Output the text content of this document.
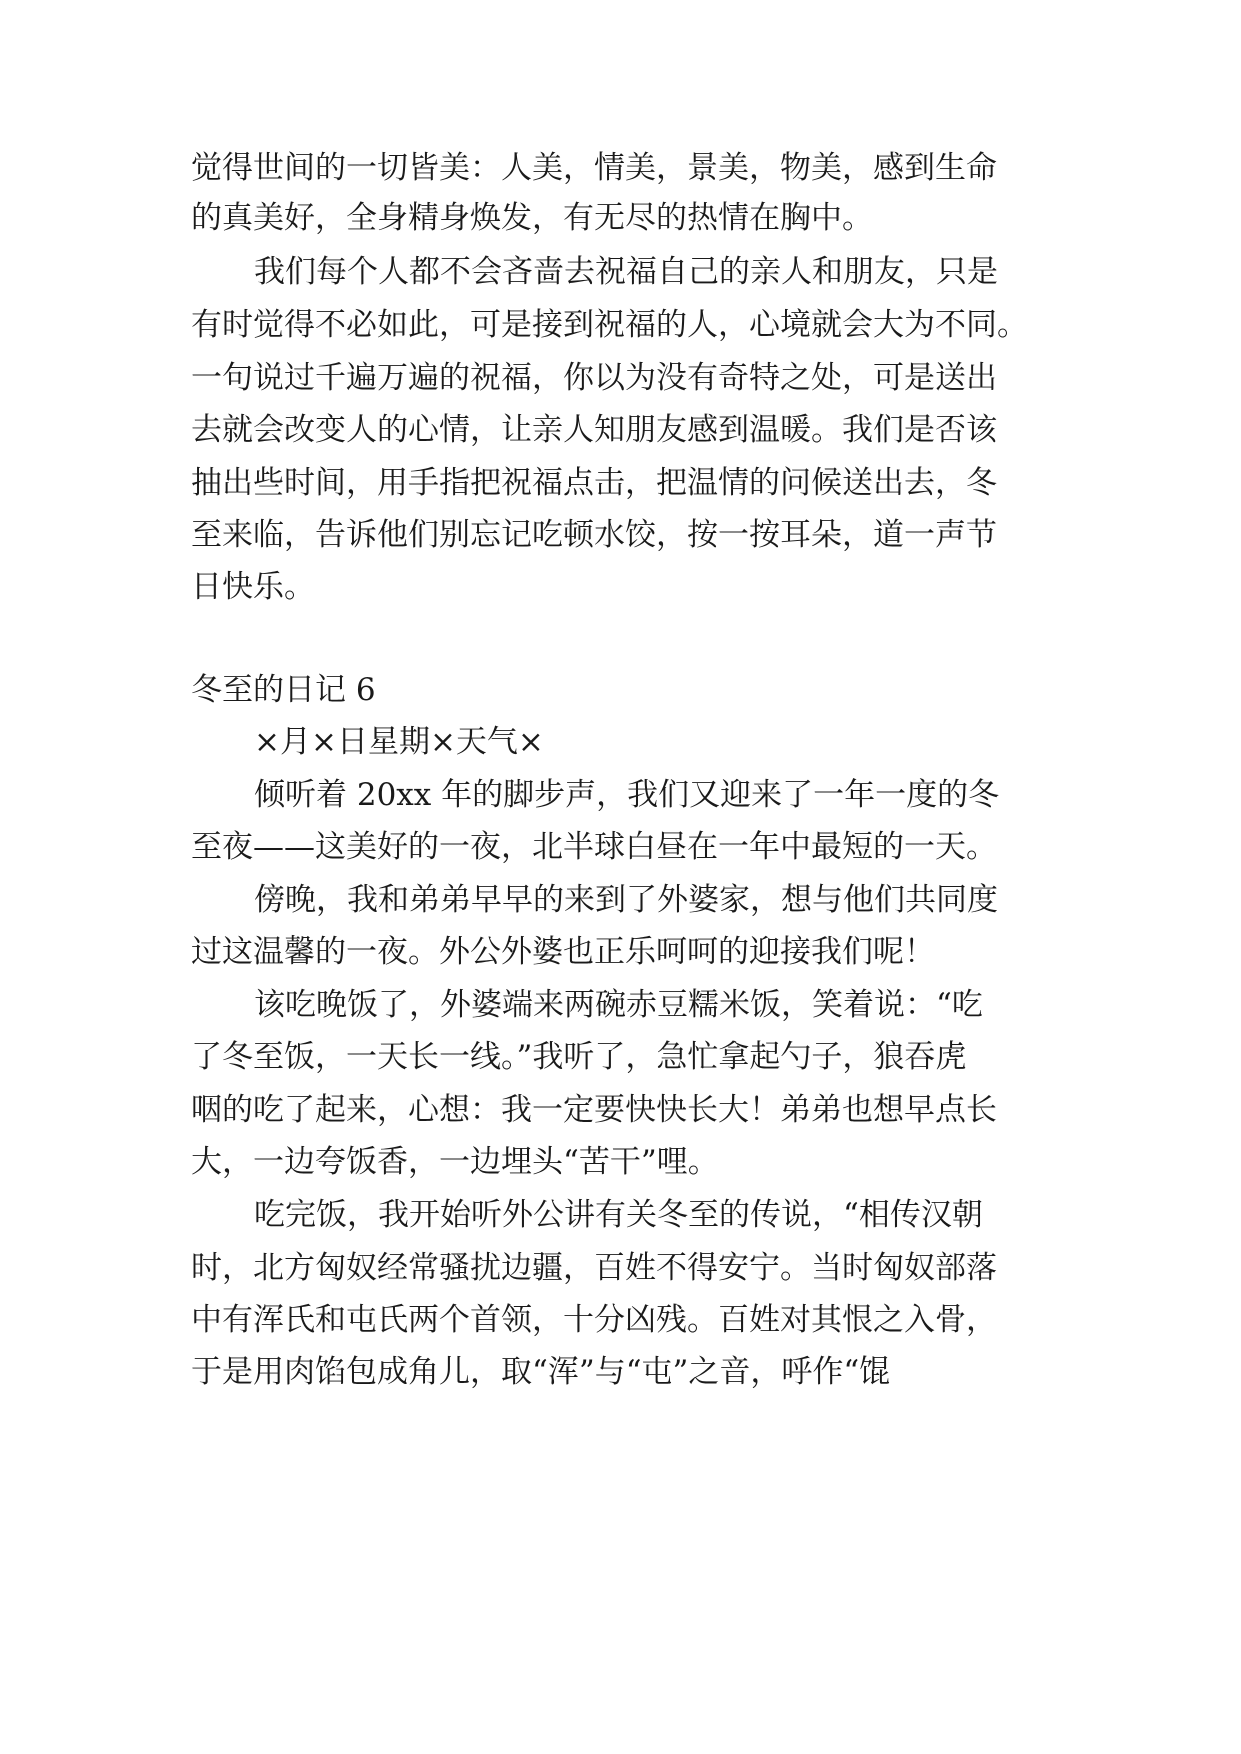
觉得世间的一切皆美：人美，情美，景美，物美，感到生命
的真美好，全身精身焕发，有无尽的热情在胸中。
我们每个人都不会吝啬去祝福自己的亲人和朋友，只是
有时觉得不必如此，可是接到祝福的人，心境就会大为不同。
一句说过千遍万遍的祝福，你以为没有奇特之处，可是送出
去就会改变人的心情，让亲人知朋友感到温暖。我们是否该
抽出些时间，用手指把祝福点击，把温情的问候送出去，冬
至来临，告诉他们别忘记吃顿水饺，按一按耳朵，道一声节
日快乐。
冬至的日记 6
×月×日星期×天气×
倾听着 20xx 年的脚步声，我们又迎来了一年一度的冬
至夜——这美好的一夜，北半球白昼在一年中最短的一天。
傍晚，我和弟弟早早的来到了外婆家，想与他们共同度
过这温馨的一夜。外公外婆也正乐呵呵的迎接我们呢！
该吃晚饭了，外婆端来两碗赤豆糯米饭，笑着说：“吃
了冬至饭，一天长一线。”我听了，急忙拿起勺子，狼吞虎
咽的吃了起来，心想：我一定要快快长大！弟弟也想早点长
大，一边夸饭香，一边埋头“苦干”哩。
吃完饭，我开始听外公讲有关冬至的传说，“相传汉朝
时，北方匈奴经常骚扰边疆，百姓不得安宁。当时匈奴部落
中有浑氏和屯氏两个首领，十分凶残。百姓对其恨之入骨，
于是用肉馅包成角儿，取“浑”与“屯”之音，呼作“馄
